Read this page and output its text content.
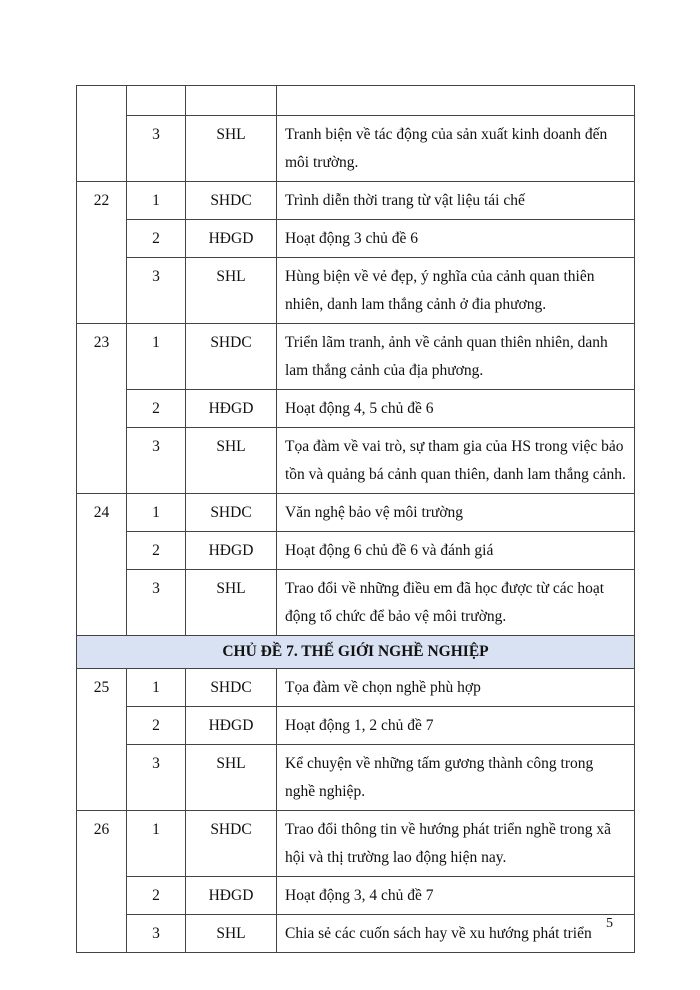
	3	SHL	Tranh biện về tác động của sản xuất kinh doanh đến môi trường.
22	1	SHDC	Trình diễn thời trang từ vật liệu tái chế
	2	HĐGD	Hoạt động 3 chủ đề 6
	3	SHL	Hùng biện về vẻ đẹp, ý nghĩa của cảnh quan thiên nhiên, danh lam thắng cảnh ở đia phương.
23	1	SHDC	Triển lãm tranh, ảnh về cảnh quan thiên nhiên, danh lam thắng cảnh của địa phương.
	2	HĐGD	Hoạt động 4, 5 chủ đề 6
	3	SHL	Tọa đàm về vai trò, sự tham gia của HS trong việc bảo tồn và quảng bá cảnh quan thiên, danh lam thắng cảnh.
24	1	SHDC	Văn nghệ bảo vệ môi trường
	2	HĐGD	Hoạt động 6 chủ đề 6 và đánh giá
	3	SHL	Trao đổi về những điều em đã học được từ các hoạt động tổ chức để bảo vệ môi trường.
CHỦ ĐỀ 7. THẾ GIỚI NGHỀ NGHIỆP			
25	1	SHDC	Tọa đàm về chọn nghề phù hợp
	2	HĐGD	Hoạt động 1, 2 chủ đề 7
	3	SHL	Kể chuyện về những tấm gương thành công trong nghề nghiệp.
26	1	SHDC	Trao đổi thông tin về hướng phát triển nghề trong xã hội và thị trường lao động hiện nay.
	2	HĐGD	Hoạt động 3, 4 chủ đề 7
	3	SHL	Chia sẻ các cuốn sách hay về xu hướng phát triển
5
